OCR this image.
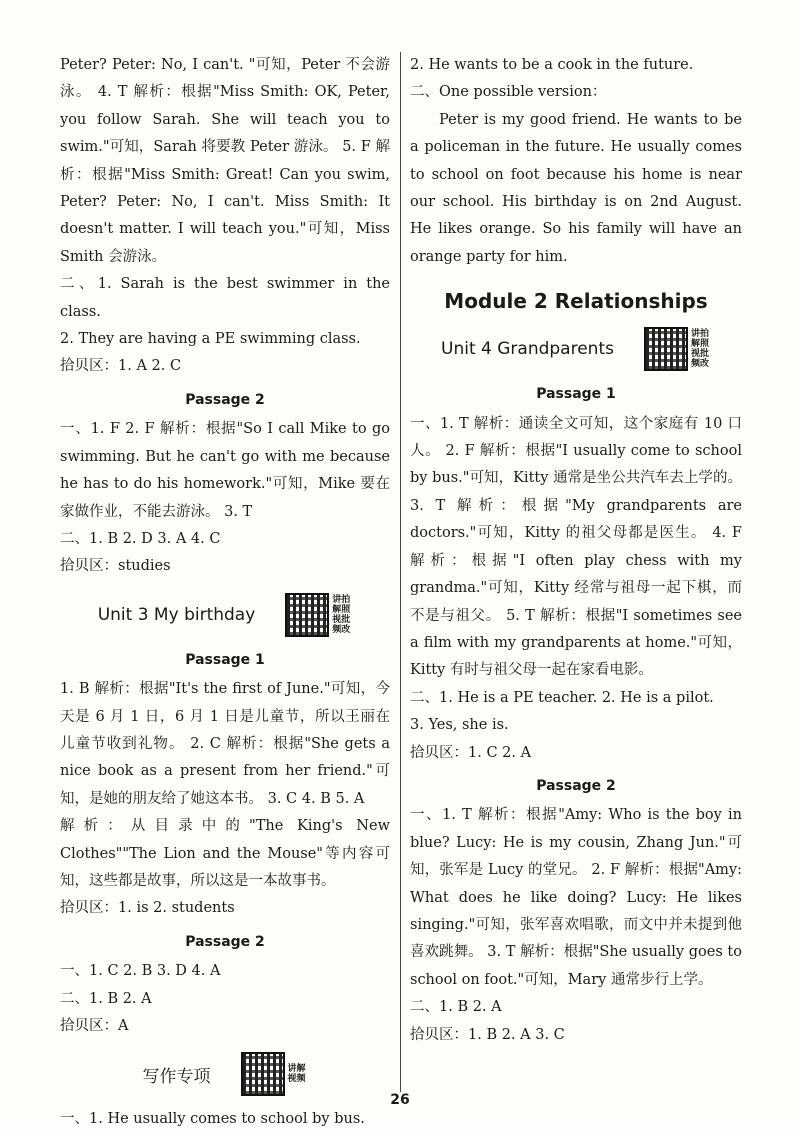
Peter? Peter: No, I can't. "可知，Peter 不会游泳。 4. T 解析：根据"Miss Smith: OK, Peter, you follow Sarah. She will teach you to swim."可知，Sarah 将要教 Peter 游泳。 5. F 解析：根据"Miss Smith: Great! Can you swim, Peter? Peter: No, I can't. Miss Smith: It doesn't matter. I will teach you."可知，Miss Smith 会游泳。

二、1. Sarah is the best swimmer in the class.

2. They are having a PE swimming class.

拾贝区：1. A 2. C

Passage 2

一、1. F 2. F 解析：根据"So I call Mike to go swimming. But he can't go with me because he has to do his homework."可知，Mike 要在家做作业，不能去游泳。 3. T

二、1. B 2. D 3. A 4. C

拾贝区：studies

Unit 3 My birthday
讲拍解照视批频改

Passage 1

1. B 解析：根据"It's the first of June."可知，今天是 6 月 1 日，6 月 1 日是儿童节，所以王丽在儿童节收到礼物。 2. C 解析：根据"She gets a nice book as a present from her friend."可知，是她的朋友给了她这本书。 3. C 4. B 5. A

解析：从目录中的"The King's New Clothes""The Lion and the Mouse"等内容可知，这些都是故事，所以这是一本故事书。

拾贝区：1. is 2. students

Passage 2

一、1. C 2. B 3. D 4. A

二、1. B 2. A

拾贝区：A

写作专项	讲解视频

一、1. He usually comes to school by bus.

2. He wants to be a cook in the future.

二、One possible version：

Peter is my good friend. He wants to be a policeman in the future. He usually comes to school on foot because his home is near our school. His birthday is on 2nd August. He likes orange. So his family will have an orange party for him.

Module 2 Relationships
Unit 4 Grandparents
讲拍解照视批频改

Passage 1

一、1. T 解析：通读全文可知，这个家庭有 10 口人。 2. F 解析：根据"I usually come to school by bus."可知，Kitty 通常是坐公共汽车去上学的。 3. T 解析：根据"My grandparents are doctors."可知，Kitty 的祖父母都是医生。 4. F 解析：根据"I often play chess with my grandma."可知，Kitty 经常与祖母一起下棋，而不是与祖父。 5. T 解析：根据"I sometimes see a film with my grandparents at home."可知，Kitty 有时与祖父母一起在家看电影。

二、1. He is a PE teacher. 2. He is a pilot.

3. Yes, she is.

拾贝区：1. C 2. A

Passage 2

一、1. T 解析：根据"Amy: Who is the boy in blue? Lucy: He is my cousin, Zhang Jun."可知，张军是 Lucy 的堂兄。 2. F 解析：根据"Amy: What does he like doing? Lucy: He likes singing."可知，张军喜欢唱歌，而文中并未提到他喜欢跳舞。 3. T 解析：根据"She usually goes to school on foot."可知，Mary 通常步行上学。

二、1. B 2. A

拾贝区：1. B 2. A 3. C

26
